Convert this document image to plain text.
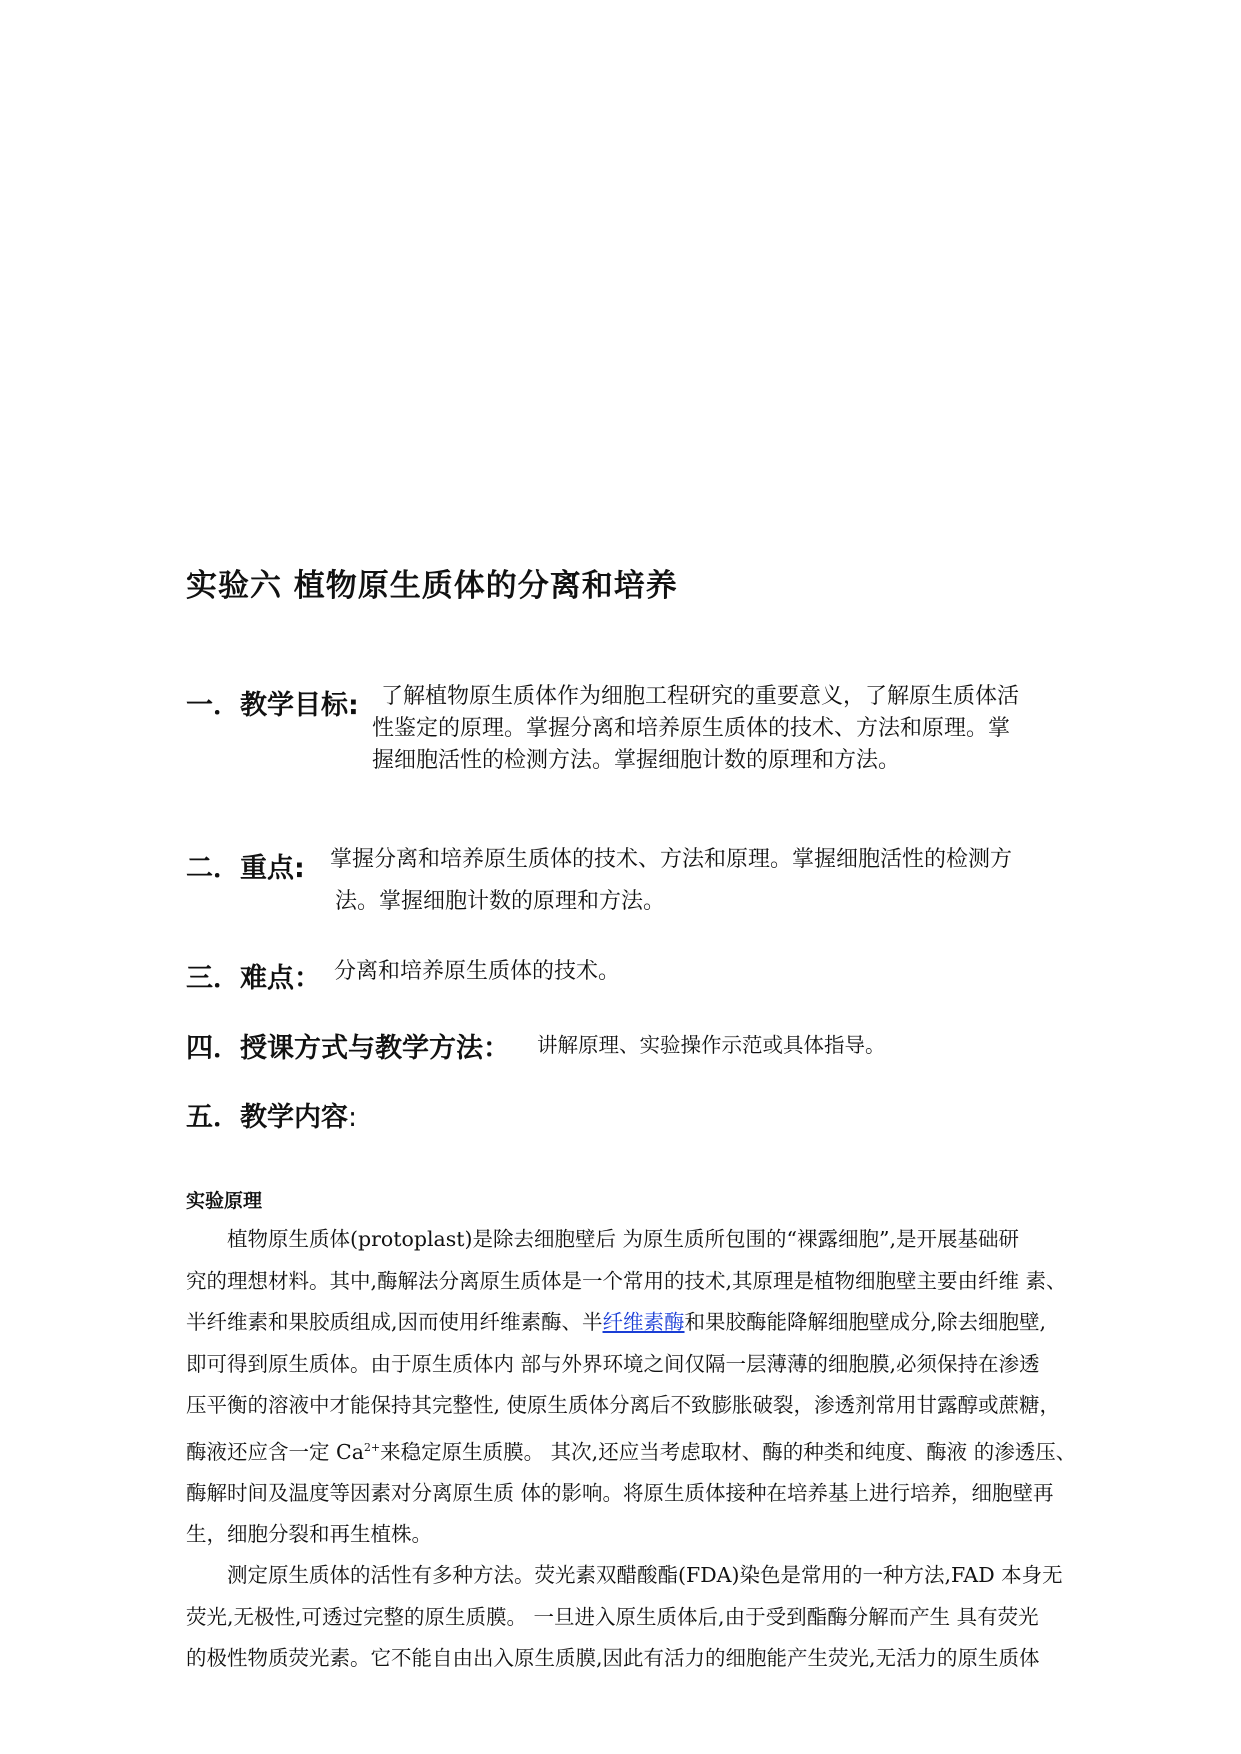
实验六 植物原生质体的分离和培养
一．教学目标: 了解植物原生质体作为细胞工程研究的重要意义，了解原生质体活
性鉴定的原理。掌握分离和培养原生质体的技术、方法和原理。掌
握细胞活性的检测方法。掌握细胞计数的原理和方法。
二．重点: 掌握分离和培养原生质体的技术、方法和原理。掌握细胞活性的检测方
法。掌握细胞计数的原理和方法。
三．难点： 分离和培养原生质体的技术。
四．授课方式与教学方法： 讲解原理、实验操作示范或具体指导。
五．教学内容:
实验原理
　　植物原生质体(protoplast)是除去细胞壁后 为原生质所包围的“裸露细胞”,是开展基础研
究的理想材料。其中,酶解法分离原生质体是一个常用的技术,其原理是植物细胞壁主要由纤维 素、
半纤维素和果胶质组成,因而使用纤维素酶、半纤维素酶和果胶酶能降解细胞壁成分,除去细胞壁,
即可得到原生质体。由于原生质体内 部与外界环境之间仅隔一层薄薄的细胞膜,必须保持在渗透
压平衡的溶液中才能保持其完整性, 使原生质体分离后不致膨胀破裂，渗透剂常用甘露醇或蔗糖，
酶液还应含一定 $Ca^{2+}$来稳定原生质膜。 其次,还应当考虑取材、酶的种类和纯度、酶液 的渗透压、
酶解时间及温度等因素对分离原生质 体的影响。将原生质体接种在培养基上进行培养，细胞壁再
生，细胞分裂和再生植株。
　　测定原生质体的活性有多种方法。荧光素双醋酸酯(FDA)染色是常用的一种方法,FAD 本身无
荧光,无极性,可透过完整的原生质膜。 一旦进入原生质体后,由于受到酯酶分解而产生 具有荧光
的极性物质荧光素。它不能自由出入原生质膜,因此有活力的细胞能产生荧光,无活力的原生质体
